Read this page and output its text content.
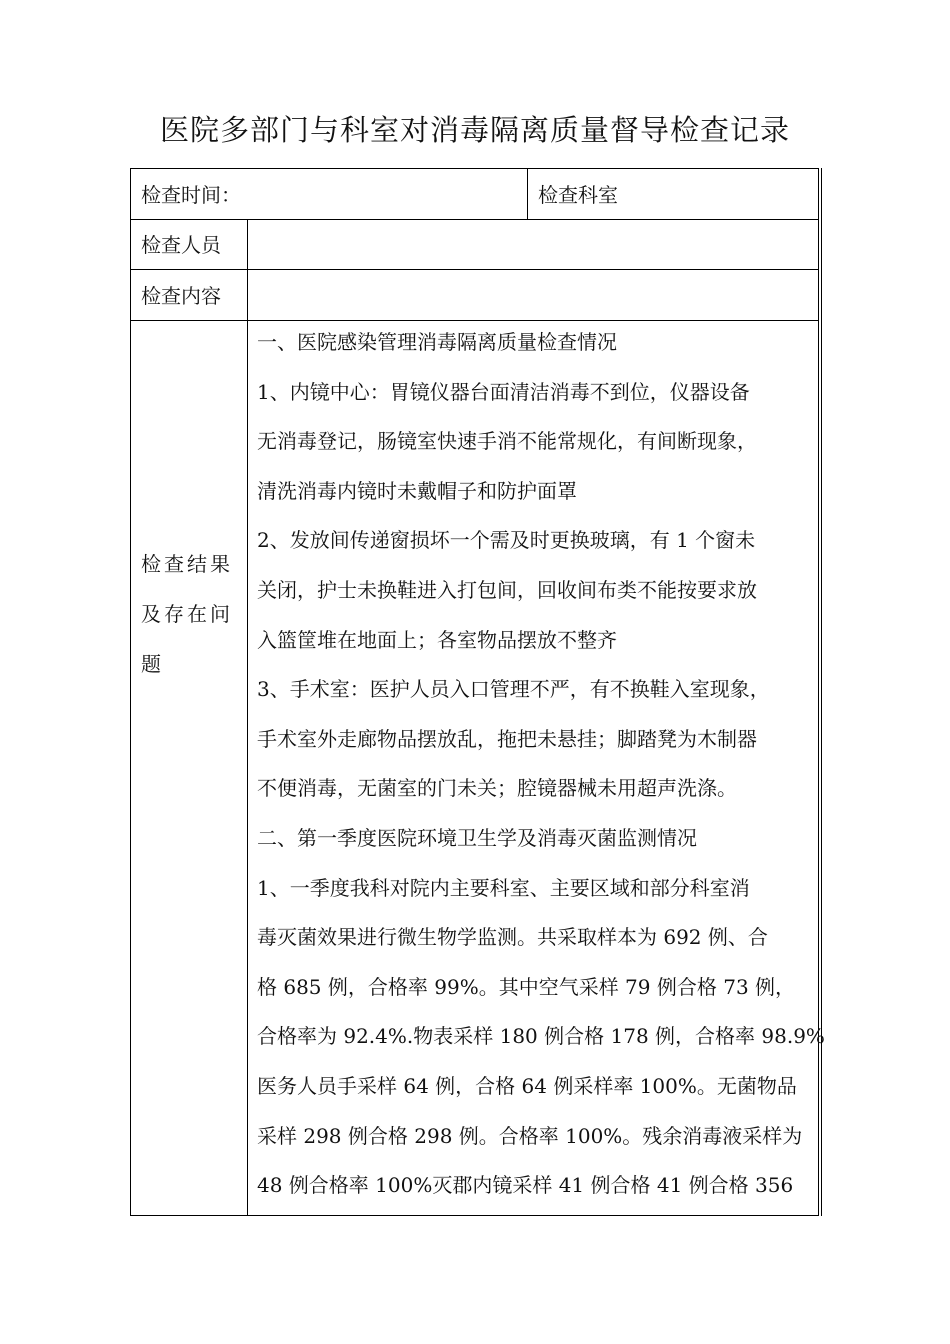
医院多部门与科室对消毒隔离质量督导检查记录
检查时间：	检查科室
检查人员
检查内容
检查结果
及存在问
题
一、医院感染管理消毒隔离质量检查情况
1、内镜中心：胃镜仪器台面清洁消毒不到位，仪器设备
无消毒登记，肠镜室快速手消不能常规化，有间断现象，
清洗消毒内镜时未戴帽子和防护面罩
2、发放间传递窗损坏一个需及时更换玻璃，有 1 个窗未
关闭，护士未换鞋进入打包间，回收间布类不能按要求放
入篮筐堆在地面上；各室物品摆放不整齐
3、手术室：医护人员入口管理不严，有不换鞋入室现象，
手术室外走廊物品摆放乱，拖把未悬挂；脚踏凳为木制器
不便消毒，无菌室的门未关；腔镜器械未用超声洗涤。
二、第一季度医院环境卫生学及消毒灭菌监测情况
1、一季度我科对院内主要科室、主要区域和部分科室消
毒灭菌效果进行微生物学监测。共采取样本为 692 例、合
格 685 例，合格率 99%。其中空气采样 79 例合格 73 例，
合格率为 92.4%.物表采样 180 例合格 178 例，合格率 98.9%
医务人员手采样 64 例，合格 64 例采样率 100%。无菌物品
采样 298 例合格 298 例。合格率 100%。残余消毒液采样为
48 例合格率 100%灭郡内镜采样 41 例合格 41 例合格 356
